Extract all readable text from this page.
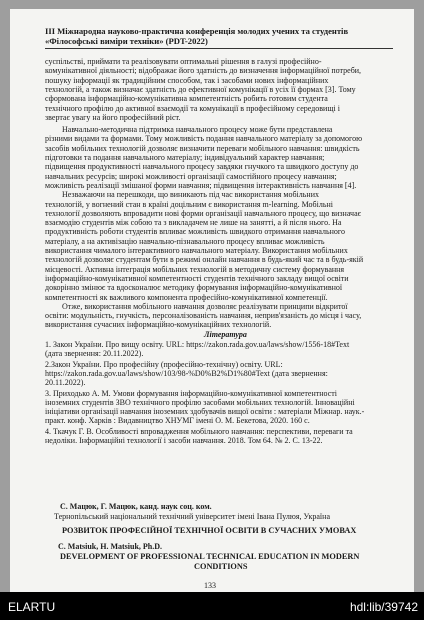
III Міжнародна науково-практична конференція молодих учених та студентів
«Філософські виміри техніки» (PDT-2022)
суспільстві, приймати та реалізовувати оптимальні рішення в галузі професійно-
комунікативної діяльності; відображає його здатність до визначення інформаційної потреби,
пошуку інформації як традиційним способом, так і засобами нових інформаційних
технологій, а також визначає здатність до ефективної комунікації в усіх її формах [3]. Тому
сформована інформаційно-комунікативна компетентність робить готовим студента
технічного профілю до активної взаємодії та комунікації в професійному середовищі і
звертає увагу на його професійний ріст.
Навчально-методична підтримка навчального процесу може бути представлена
різними видами та формами. Тому можливість подання навчального матеріалу за допомогою
засобів мобільних технологій дозволяє визначити переваги мобільного навчання: швидкість
підготовки та подання навчального матеріалу; індивідуальний характер навчання;
підвищення продуктивності навчального процесу завдяки гнучкого та швидкого доступу до
навчальних ресурсів; широкі можливості організації самостійного процесу навчання;
можливість реалізації змішаної форми навчання; підвищення інтерактивність навчання [4].
Незважаючи на перешкоди, що виникають під час використання мобільних
технологій, у вогнений стан в країні доцільним є використання m-learning. Мобільні
технології дозволяють впровадити нові форми організації навчального процесу, що визначає
взаємодію студентів між собою та з викладачем не лише на занятті, а й після нього. На
продуктивність роботи студентів впливає можливість швидкого отримання навчального
матеріалу, а на активізацію навчально-пізнавального процесу впливає можливість
використання чималого інтерактивного навчального матеріалу. Використання мобільних
технологій дозволяє студентам бути в режимі онлайн навчання в будь-який час та в будь-якій
місцевості. Активна інтеграція мобільних технологій в методичну систему формування
інформаційно-комунікативної компетентності студентів технічного закладу вищої освіти
докорінно змінює та вдосконалює методику формування інформаційно-комунікативної
компетентності як важливого компонента професійно-комунікативної компетенції.
Отже, використання мобільного навчання дозволяє реалізувати принципи відкритої
освіти: модульність, гнучкість, персоналізованість навчання, неприв'язаність до місця і часу,
використання сучасних інформаційно-комунікаційних технологій.
Література
1. Закон України. Про вищу освіту. URL: https://zakon.rada.gov.ua/laws/show/1556-18#Text
(дата звернення: 20.11.2022).
2.Закон України. Про професійну (професійно-технічну) освіту. URL:
https://zakon.rada.gov.ua/laws/show/103/98-%D0%B2%D1%80#Text (дата звернення:
20.11.2022).
3. Приходько А. М. Умови формування інформаційно-комунікативної компетентності
іноземних студентів ЗВО технічного профілю засобами мобільних технологій. Інноваційні
ініціативи організації навчання іноземних здобувачів вищої освіти : матеріали Міжнар. наук.-
практ. конф. Харків : Видавництво ХНУМГ імені О. М. Бекетова, 2020. 160 с.
4. Ткачук Г. В. Особливості впровадження мобільного навчання: перспективи, переваги та
недоліки. Інформаційні технології і засоби навчання. 2018. Том 64. № 2. С. 13-22.
С. Мацюк, Г. Мацюк, канд. наук соц. ком.
Тернопільський національний технічний університет імені Івана Пулюя, Україна
РОЗВИТОК ПРОФЕСІЙНОЇ ТЕХНІЧНОЇ ОСВІТИ В СУЧАСНИХ УМОВАХ
С. Matsiuk, H. Matsiuk, Ph.D.
DEVELOPMENT OF PROFESSIONAL TECHNICAL EDUCATION IN MODERN
CONDITIONS
133
ELARTU	hdl:lib/39742
